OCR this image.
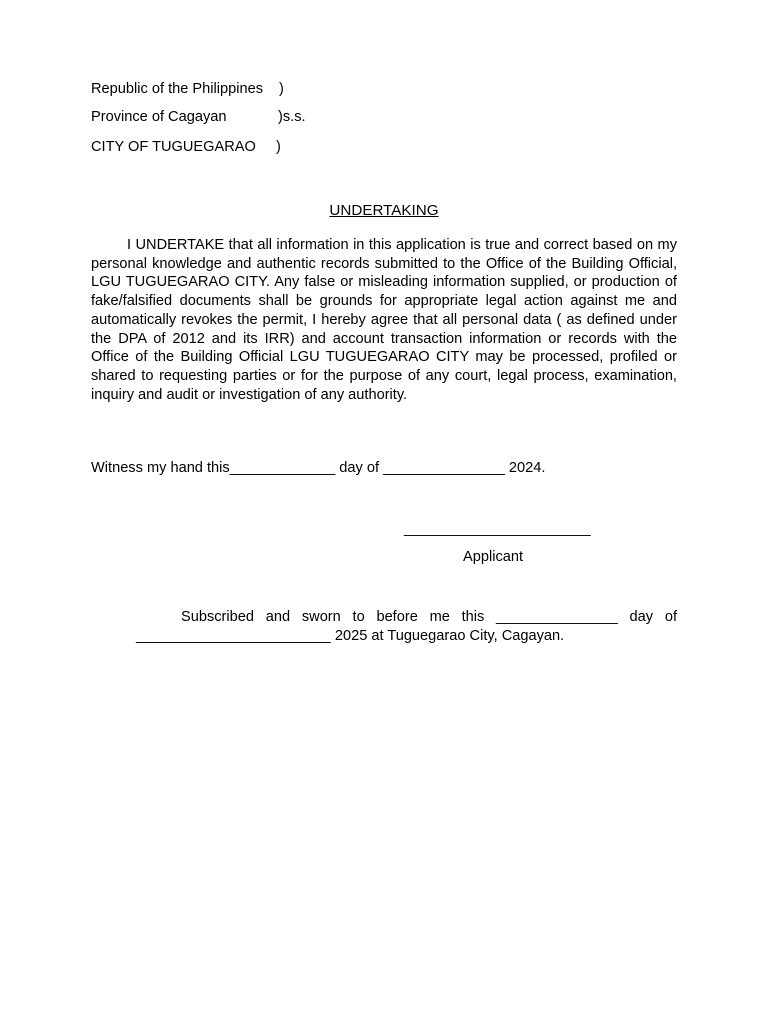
Republic of the Philippines )
Province of Cagayan	)s.s.
CITY OF TUGUEGARAO )
UNDERTAKING

I UNDERTAKE that all information in this application is true and correct based on my personal knowledge and authentic records submitted to the Office of the Building Official, LGU TUGUEGARAO CITY. Any false or misleading information supplied, or production of fake/falsified documents shall be grounds for appropriate legal action against me and automatically revokes the permit, I hereby agree that all personal data ( as defined under the DPA of 2012 and its IRR) and account transaction information or records with the Office of the Building Official LGU TUGUEGARAO CITY may be processed, profiled or shared to requesting parties or for the purpose of any court, legal process, examination, inquiry and audit or investigation of any authority.

Witness my hand this_____________ day of _______________ 2024.
_______________________
Applicant

Subscribed and sworn to before me this _______________ day of ________________________ 2025 at Tuguegarao City, Cagayan.
